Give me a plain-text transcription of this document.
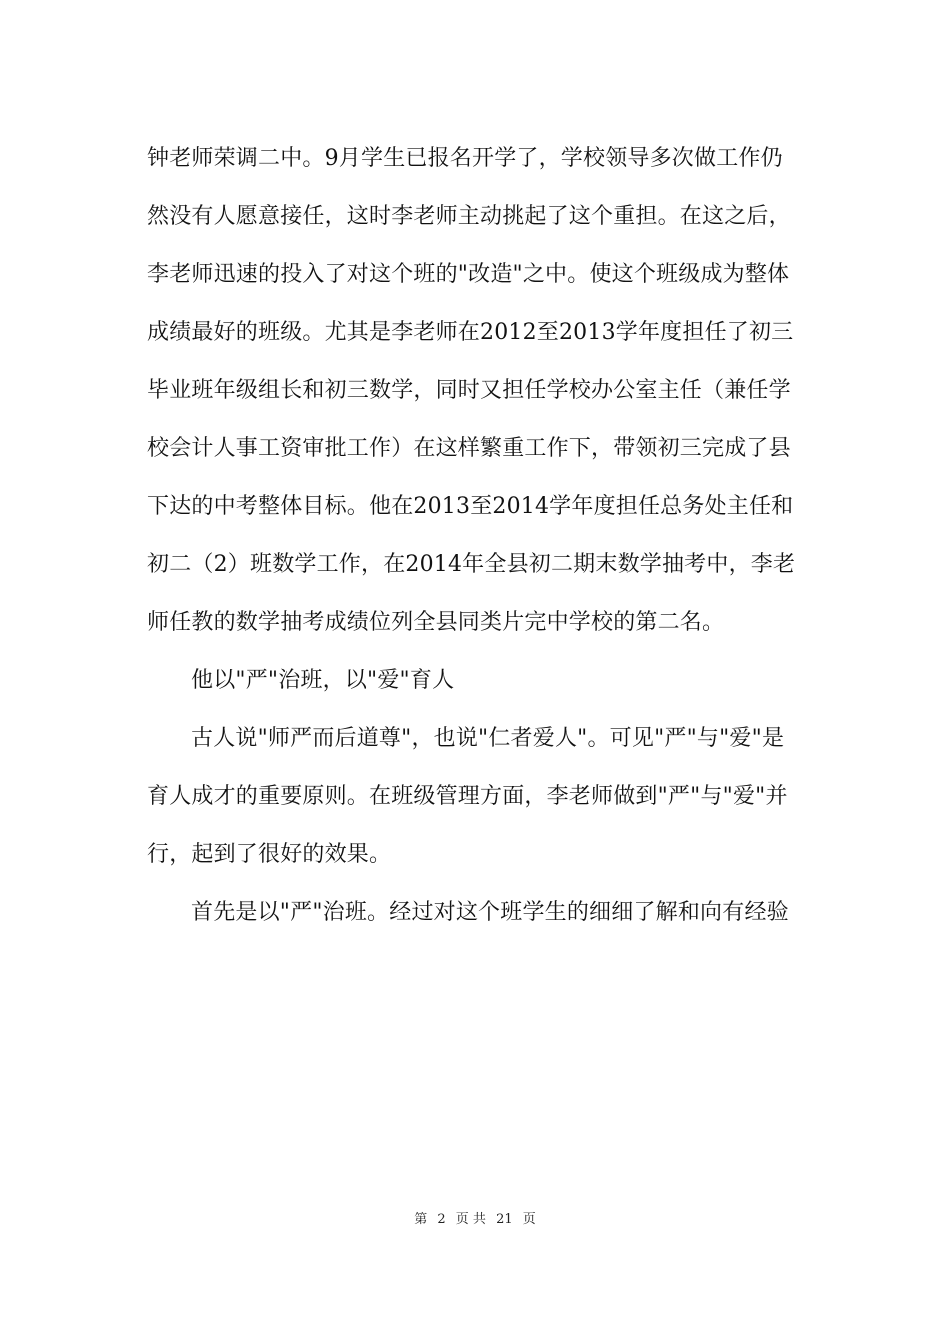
钟老师荣调二中。9月学生已报名开学了，学校领导多次做工作仍
然没有人愿意接任，这时李老师主动挑起了这个重担。在这之后，
李老师迅速的投入了对这个班的"改造"之中。使这个班级成为整体
成绩最好的班级。尤其是李老师在2012至2013学年度担任了初三
毕业班年级组长和初三数学，同时又担任学校办公室主任（兼任学
校会计人事工资审批工作）在这样繁重工作下，带领初三完成了县
下达的中考整体目标。他在2013至2014学年度担任总务处主任和
初二（2）班数学工作，在2014年全县初二期末数学抽考中，李老
师任教的数学抽考成绩位列全县同类片完中学校的第二名。
他以"严"治班，以"爱"育人
古人说"师严而后道尊"，也说"仁者爱人"。可见"严"与"爱"是
育人成才的重要原则。在班级管理方面，李老师做到"严"与"爱"并
行，起到了很好的效果。
首先是以"严"治班。经过对这个班学生的细细了解和向有经验
第 2 页 共 21 页
